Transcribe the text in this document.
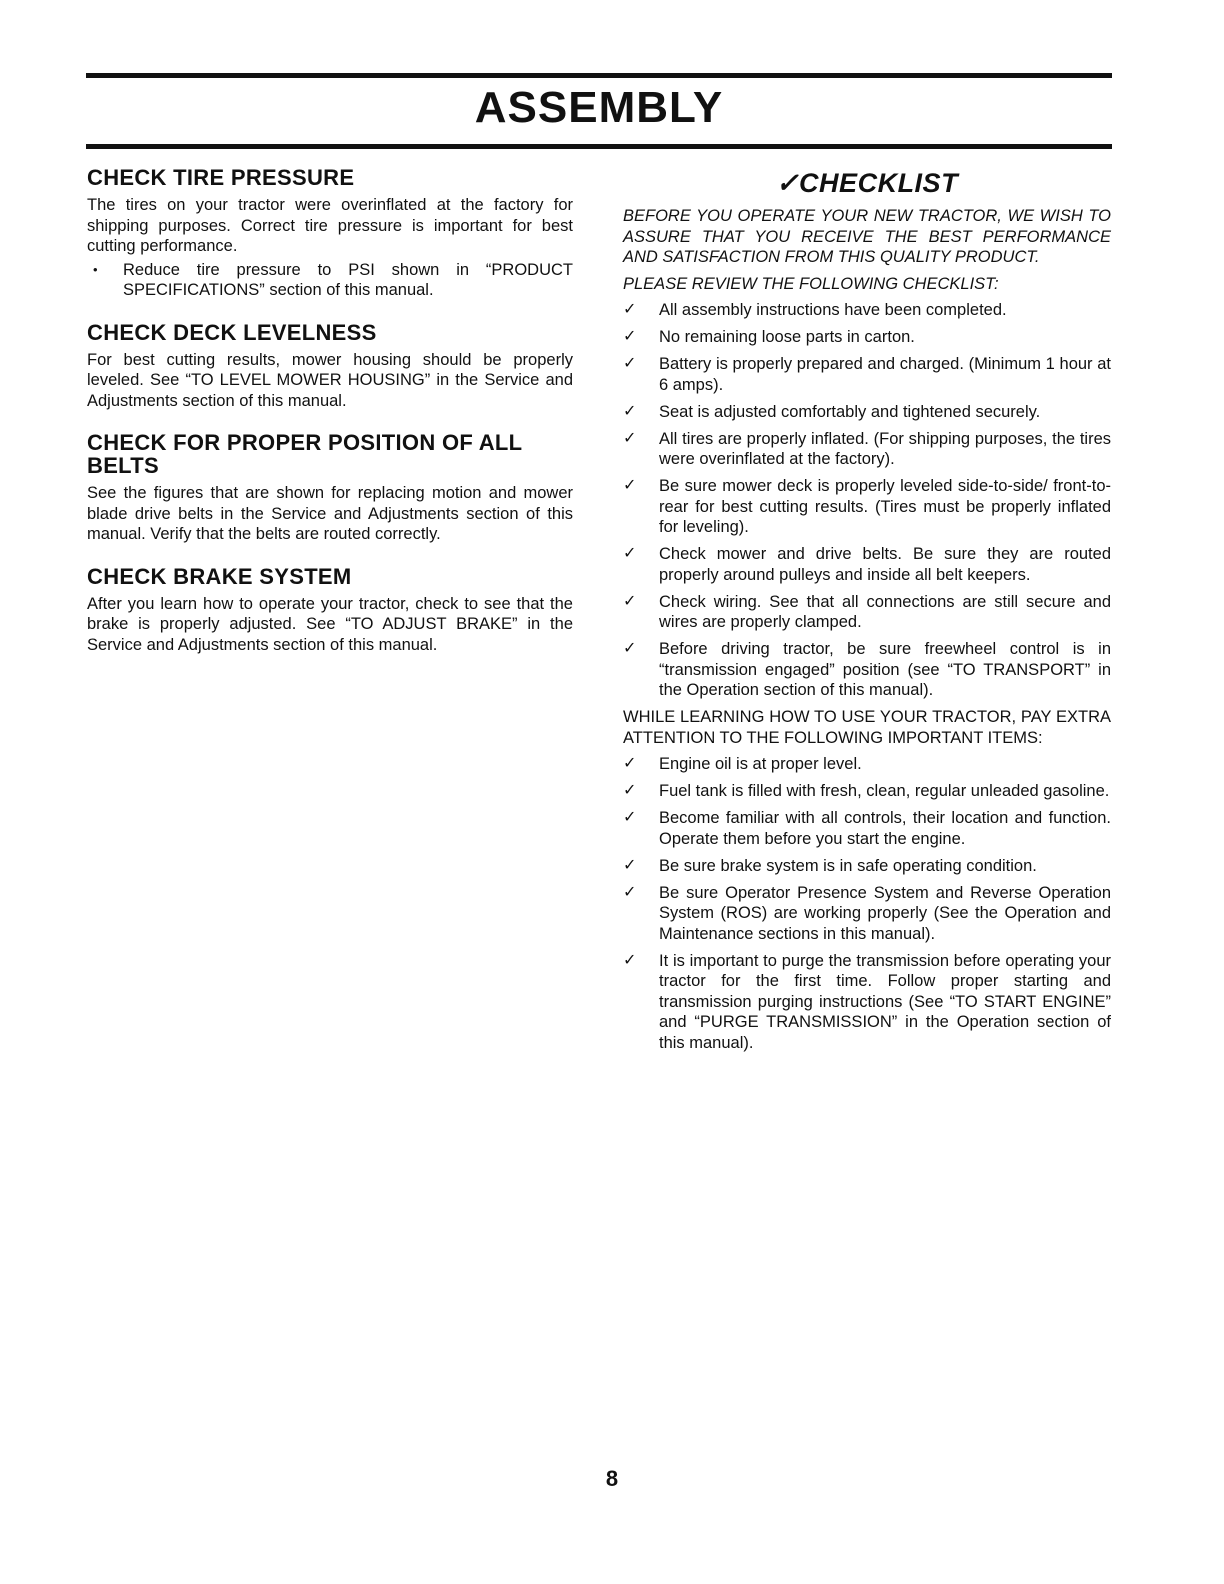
ASSEMBLY
CHECK TIRE PRESSURE

The tires on your tractor were overinflated at the factory for shipping purposes. Correct tire pressure is important for best cutting performance.

• Reduce tire pressure to PSI shown in “PRODUCT SPECIFICATIONS” section of this manual.
CHECK DECK LEVELNESS

For best cutting results, mower housing should be properly leveled. See “TO LEVEL MOWER HOUSING” in the Service and Adjustments section of this manual.

CHECK FOR PROPER POSITION OF ALL BELTS

See the figures that are shown for replacing motion and mower blade drive belts in the Service and Adjustments section of this manual. Verify that the belts are routed correctly.

CHECK BRAKE SYSTEM

After you learn how to operate your tractor, check to see that the brake is properly adjusted. See “TO ADJUST BRAKE” in the Service and Adjustments section of this manual.

✓CHECKLIST

BEFORE YOU OPERATE YOUR NEW TRACTOR, WE WISH TO ASSURE THAT YOU RECEIVE THE BEST PERFORMANCE AND SATISFACTION FROM THIS QUALITY PRODUCT.

PLEASE REVIEW THE FOLLOWING CHECKLIST:

✓ All assembly instructions have been completed.
✓ No remaining loose parts in carton.
✓ Battery is properly prepared and charged. (Minimum 1 hour at 6 amps).
✓ Seat is adjusted comfortably and tightened securely.
✓ All tires are properly inflated. (For shipping purposes, the tires were overinflated at the factory).
✓ Be sure mower deck is properly leveled side-to-side/ front-to-rear for best cutting results. (Tires must be properly inflated for leveling).
✓ Check mower and drive belts. Be sure they are routed properly around pulleys and inside all belt keepers.
✓ Check wiring. See that all connections are still secure and wires are properly clamped.
✓ Before driving tractor, be sure freewheel control is in “transmission engaged” position (see “TO TRANSPORT” in the Operation section of this manual).

WHILE LEARNING HOW TO USE YOUR TRACTOR, PAY EXTRA ATTENTION TO THE FOLLOWING IMPORTANT ITEMS:

✓ Engine oil is at proper level.
✓ Fuel tank is filled with fresh, clean, regular unleaded gasoline.
✓ Become familiar with all controls, their location and function. Operate them before you start the engine.
✓ Be sure brake system is in safe operating condition.
✓ Be sure Operator Presence System and Reverse Operation System (ROS) are working properly (See the Operation and Maintenance sections in this manual).
✓ It is important to purge the transmission before operating your tractor for the first time. Follow proper starting and transmission purging instructions (See “TO START ENGINE” and “PURGE TRANSMISSION” in the Operation section of this manual).
8
